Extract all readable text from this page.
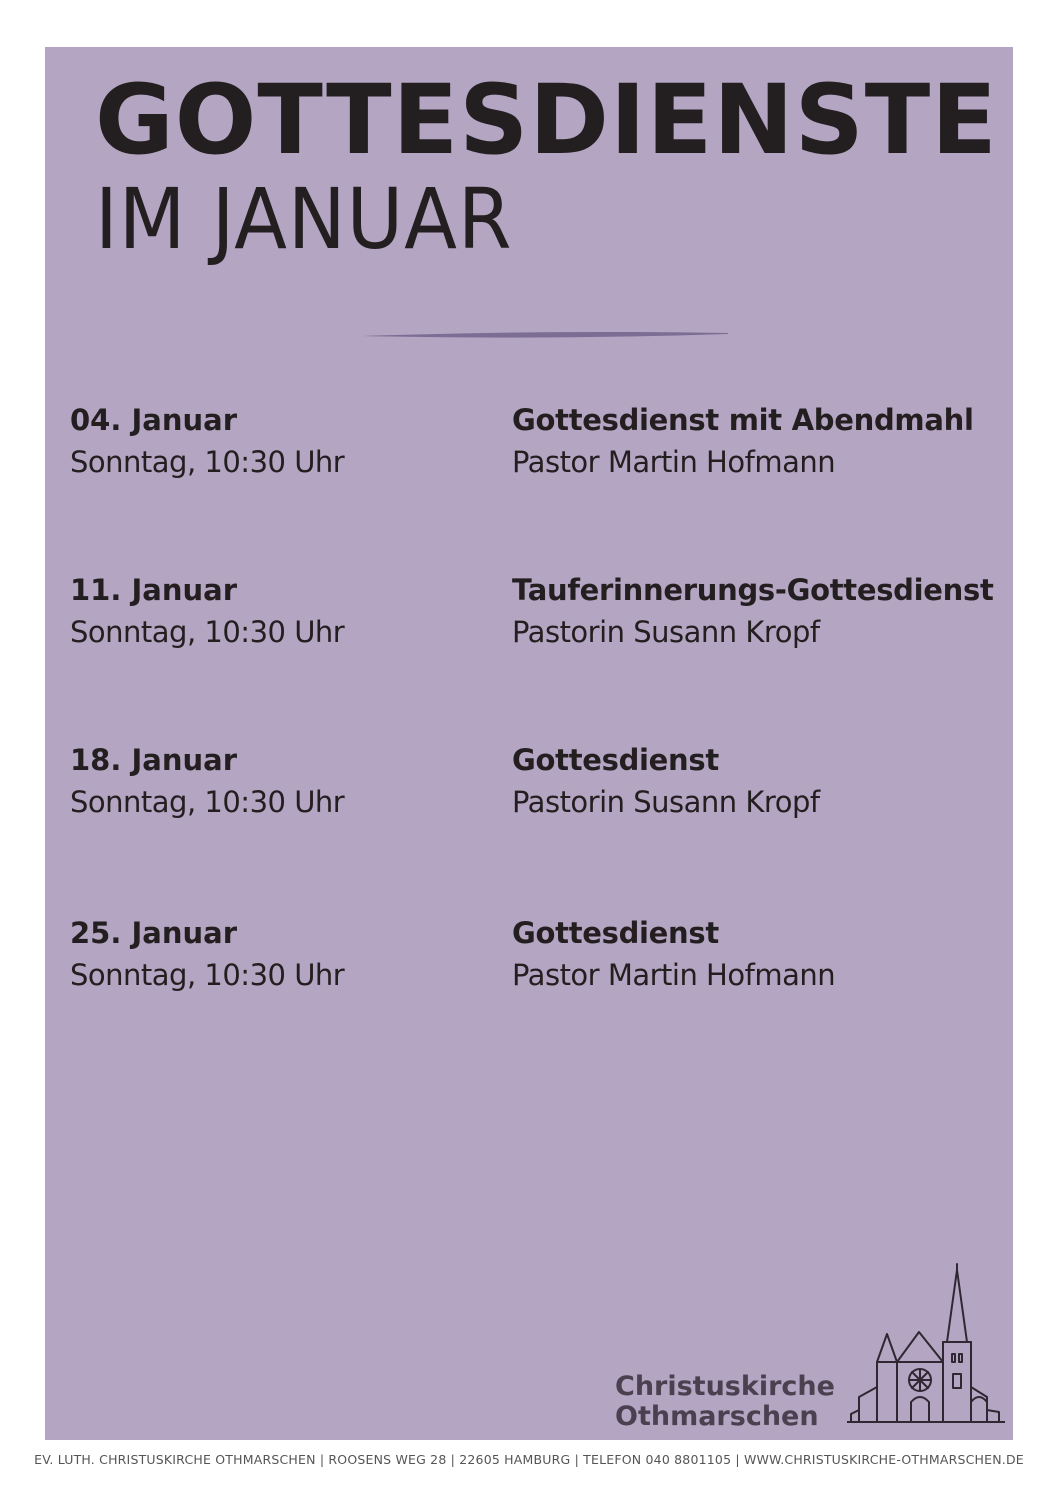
GOTTESDIENSTE
IM JANUAR
04. Januar
Sonntag, 10:30 Uhr
Gottesdienst mit Abendmahl
Pastor Martin Hofmann
11. Januar
Sonntag, 10:30 Uhr
Tauferinnerungs-Gottesdienst
Pastorin Susann Kropf
18. Januar
Sonntag, 10:30 Uhr
Gottesdienst
Pastorin Susann Kropf
25. Januar
Sonntag, 10:30 Uhr
Gottesdienst
Pastor Martin Hofmann
Christuskirche
Othmarschen
EV. LUTH. CHRISTUSKIRCHE OTHMARSCHEN | ROOSENS WEG 28 | 22605 HAMBURG | TELEFON 040 8801105 | WWW.CHRISTUSKIRCHE-OTHMARSCHEN.DE
